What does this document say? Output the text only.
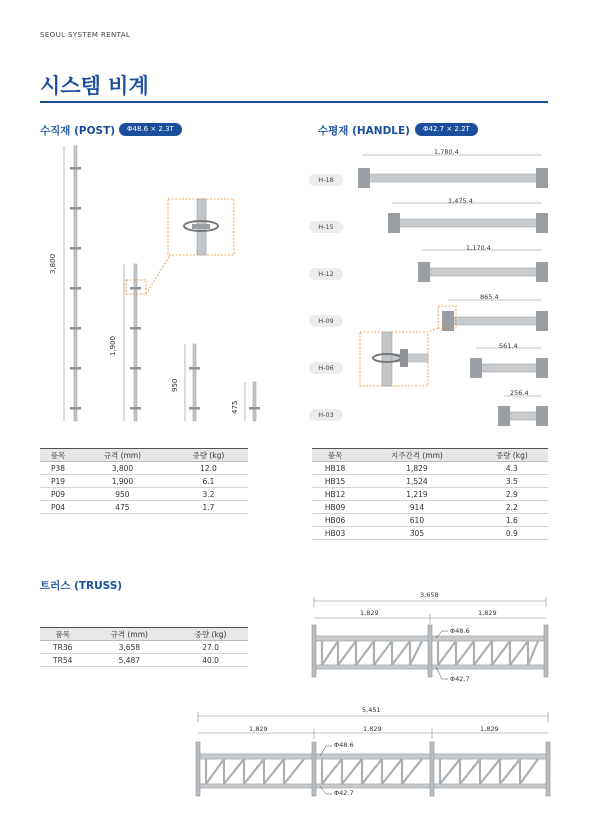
SEOUL SYSTEM RENTAL
시스템 비계
수직재 (POST)	Φ48.6 × 2.3T	수평재 (HANDLE)	Φ42.7 × 2.2T
3,800
1,900
950
475
H-18
H-15
H-12
H-09
H-06
H-03
1,780.4
1,475.4
1,170.4
865.4
561.4
256.4
품목	규격 (mm)	중량 (kg)
P38	3,800	12.0
P19	1,900	6.1
P09	950	3.2
P04	475	1.7
품목	지주간격 (mm)	중량 (kg)
HB18	1,829	4.3
HB15	1,524	3.5
HB12	1,219	2.9
HB09	914	2.2
HB06	610	1.6
HB03	305	0.9
트러스 (TRUSS)
품목	규격 (mm)	중량 (kg)
TR36	3,658	27.0
TR54	5,487	40.0
3,658
1,829	1,829
Φ48.6
Φ42.7
5,451
1,829	1,829	1,829
Φ48.6
Φ42.7
